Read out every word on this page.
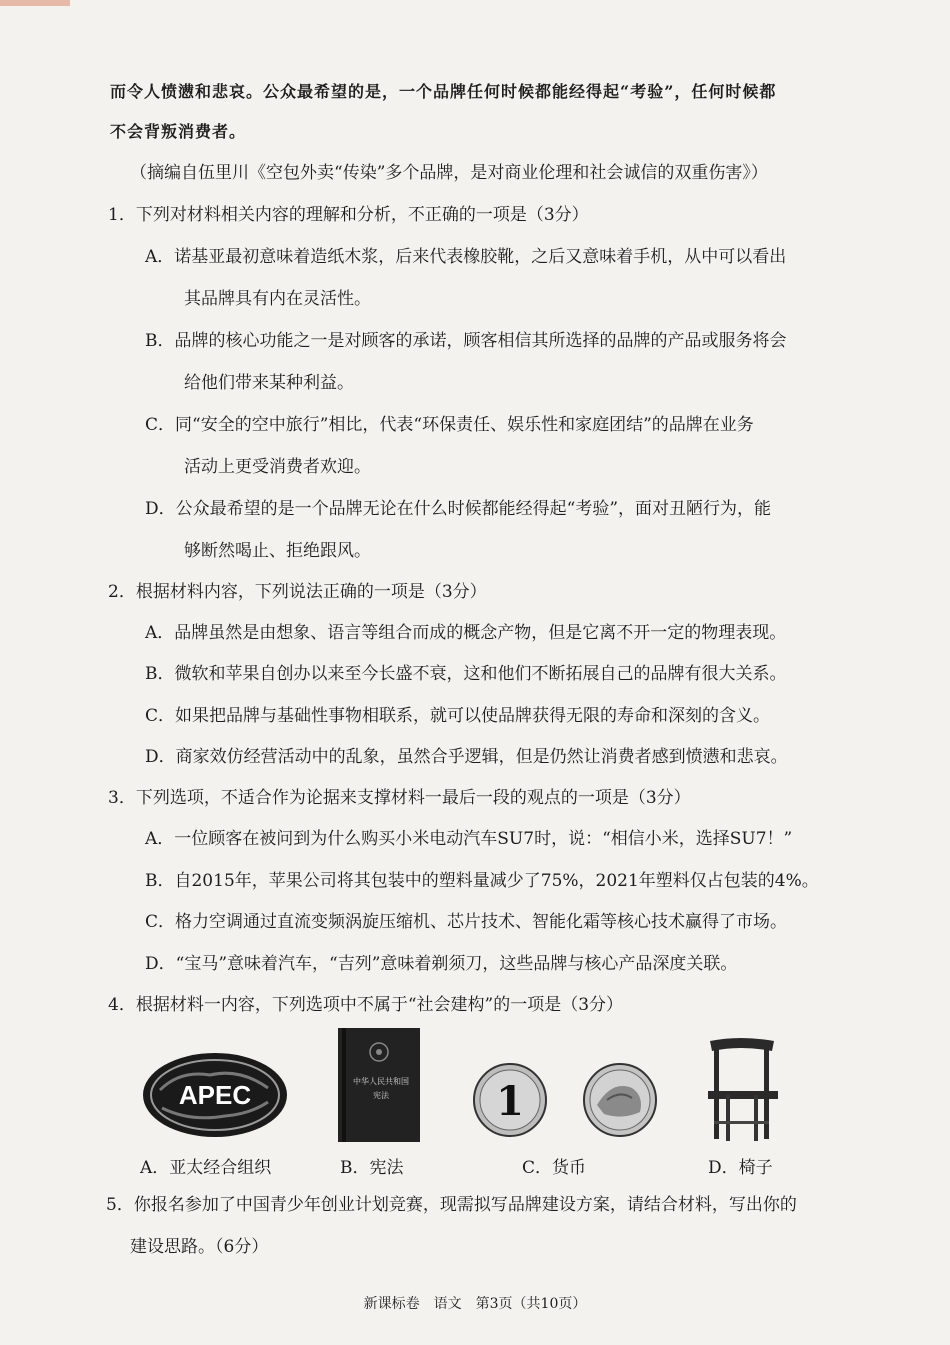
而令人愤懑和悲哀。公众最希望的是，一个品牌任何时候都能经得起“考验”，任何时候都
不会背叛消费者。
（摘编自伍里川《空包外卖“传染”多个品牌，是对商业伦理和社会诚信的双重伤害》）
1．下列对材料相关内容的理解和分析，不正确的一项是（3分）
A．诺基亚最初意味着造纸木浆，后来代表橡胶靴，之后又意味着手机，从中可以看出
其品牌具有内在灵活性。
B．品牌的核心功能之一是对顾客的承诺，顾客相信其所选择的品牌的产品或服务将会
给他们带来某种利益。
C．同“安全的空中旅行”相比，代表“环保责任、娱乐性和家庭团结”的品牌在业务
活动上更受消费者欢迎。
D．公众最希望的是一个品牌无论在什么时候都能经得起“考验”，面对丑陋行为，能
够断然喝止、拒绝跟风。
2．根据材料内容，下列说法正确的一项是（3分）
A．品牌虽然是由想象、语言等组合而成的概念产物，但是它离不开一定的物理表现。
B．微软和苹果自创办以来至今长盛不衰，这和他们不断拓展自己的品牌有很大关系。
C．如果把品牌与基础性事物相联系，就可以使品牌获得无限的寿命和深刻的含义。
D．商家效仿经营活动中的乱象，虽然合乎逻辑，但是仍然让消费者感到愤懑和悲哀。
3．下列选项，不适合作为论据来支撑材料一最后一段的观点的一项是（3分）
A．一位顾客在被问到为什么购买小米电动汽车SU7时，说：“相信小米，选择SU7！”
B．自2015年，苹果公司将其包装中的塑料量减少了75%，2021年塑料仅占包装的4%。
C．格力空调通过直流变频涡旋压缩机、芯片技术、智能化霜等核心技术赢得了市场。
D．“宝马”意味着汽车，“吉列”意味着剃须刀，这些品牌与核心产品深度关联。
4．根据材料一内容，下列选项中不属于“社会建构”的一项是（3分）
APEC	中华人民共和国
宪法	1
A．亚太经合组织	B．宪法	C．货币	D．椅子
5．你报名参加了中国青少年创业计划竞赛，现需拟写品牌建设方案，请结合材料，写出你的
建设思路。（6分）
新课标卷　语文　第3页（共10页）
